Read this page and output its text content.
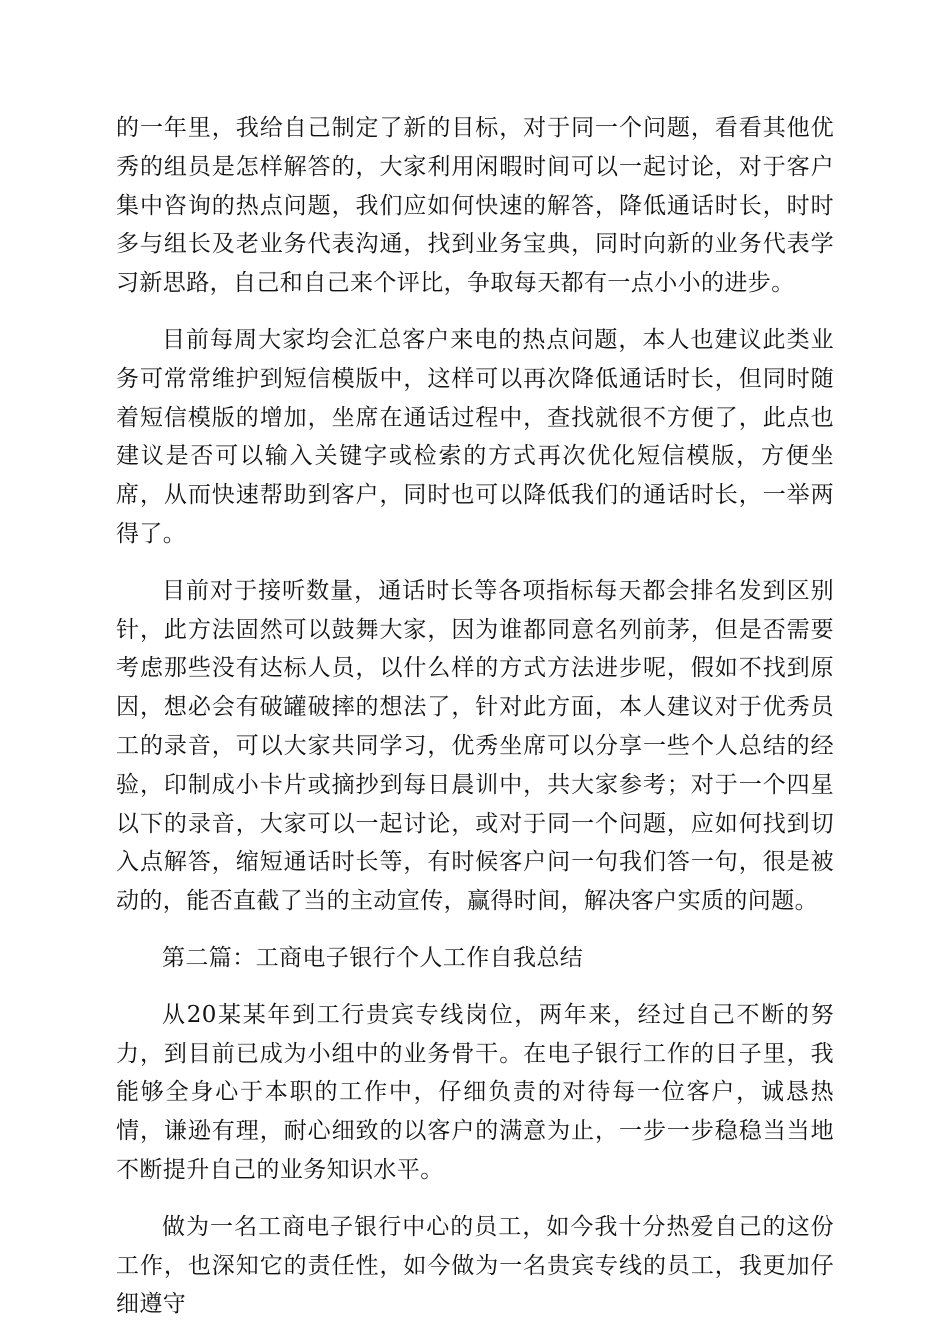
的一年里，我给自己制定了新的目标，对于同一个问题，看看其他优秀的组员是怎样解答的，大家利用闲暇时间可以一起讨论，对于客户集中咨询的热点问题，我们应如何快速的解答，降低通话时长，时时多与组长及老业务代表沟通，找到业务宝典，同时向新的业务代表学习新思路，自己和自己来个评比，争取每天都有一点小小的进步。

目前每周大家均会汇总客户来电的热点问题，本人也建议此类业务可常常维护到短信模版中，这样可以再次降低通话时长，但同时随着短信模版的增加，坐席在通话过程中，查找就很不方便了，此点也建议是否可以输入关键字或检索的方式再次优化短信模版，方便坐席，从而快速帮助到客户，同时也可以降低我们的通话时长，一举两得了。

目前对于接听数量，通话时长等各项指标每天都会排名发到区别针，此方法固然可以鼓舞大家，因为谁都同意名列前茅，但是否需要考虑那些没有达标人员，以什么样的方式方法进步呢，假如不找到原因，想必会有破罐破摔的想法了，针对此方面，本人建议对于优秀员工的录音，可以大家共同学习，优秀坐席可以分享一些个人总结的经验，印制成小卡片或摘抄到每日晨训中，共大家参考；对于一个四星以下的录音，大家可以一起讨论，或对于同一个问题，应如何找到切入点解答，缩短通话时长等，有时候客户问一句我们答一句，很是被动的，能否直截了当的主动宣传，赢得时间，解决客户实质的问题。

第二篇：工商电子银行个人工作自我总结

从20某某年到工行贵宾专线岗位，两年来，经过自己不断的努力，到目前已成为小组中的业务骨干。在电子银行工作的日子里，我能够全身心于本职的工作中，仔细负责的对待每一位客户，诚恳热情，谦逊有理，耐心细致的以客户的满意为止，一步一步稳稳当当地不断提升自己的业务知识水平。

做为一名工商电子银行中心的员工，如今我十分热爱自己的这份工作，也深知它的责任性，如今做为一名贵宾专线的员工，我更加仔细遵守
